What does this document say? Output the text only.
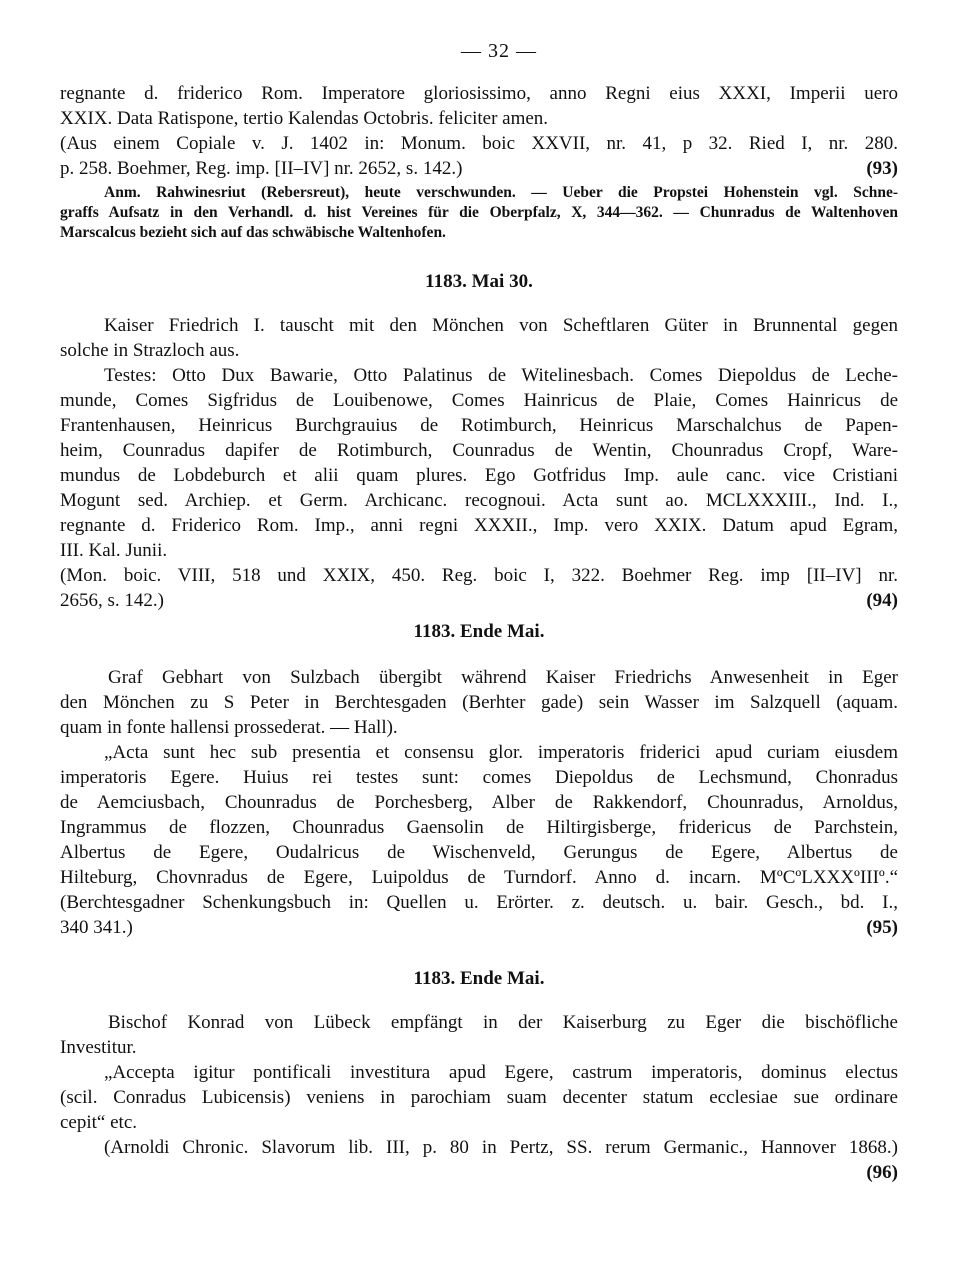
— 32 —
regnante d. friderico Rom. Imperatore gloriosissimo, anno Regni eius XXXI, Imperii uero
XXIX. Data Ratispone, tertio Kalendas Octobris. feliciter amen.
(Aus einem Copiale v. J. 1402 in: Monum. boic XXVII, nr. 41, p 32. Ried I, nr. 280.
p. 258. Boehmer, Reg. imp. [II–IV] nr. 2652, s. 142.)	(93)
Anm. Rahwinesriut (Rebersreut), heute verschwunden. — Ueber die Propstei Hohenstein vgl. Schne-
graffs Aufsatz in den Verhandl. d. hist Vereines für die Oberpfalz, X, 344—362. — Chunradus de Waltenhoven
Marscalcus bezieht sich auf das schwäbische Waltenhofen.
1183. Mai 30.
Kaiser Friedrich I. tauscht mit den Mönchen von Scheftlaren Güter in Brunnental gegen
solche in Strazloch aus.
Testes: Otto Dux Bawarie, Otto Palatinus de Witelinesbach. Comes Diepoldus de Leche-
munde, Comes Sigfridus de Louibenowe, Comes Hainricus de Plaie, Comes Hainricus de
Frantenhausen, Heinricus Burchgrauius de Rotimburch, Heinricus Marschalchus de Papen-
heim, Counradus dapifer de Rotimburch, Counradus de Wentin, Chounradus Cropf, Ware-
mundus de Lobdeburch et alii quam plures. Ego Gotfridus Imp. aule canc. vice Cristiani
Mogunt sed. Archiep. et Germ. Archicanc. recognoui. Acta sunt ao. MCLXXXIII., Ind. I.,
regnante d. Friderico Rom. Imp., anni regni XXXII., Imp. vero XXIX. Datum apud Egram,
III. Kal. Junii.
(Mon. boic. VIII, 518 und XXIX, 450. Reg. boic I, 322. Boehmer Reg. imp [II–IV] nr.
2656, s. 142.)	(94)
1183. Ende Mai.
Graf Gebhart von Sulzbach übergibt während Kaiser Friedrichs Anwesenheit in Eger
den Mönchen zu S Peter in Berchtesgaden (Berhter gade) sein Wasser im Salzquell (aquam.
quam in fonte hallensi prossederat. — Hall).
„Acta sunt hec sub presentia et consensu glor. imperatoris friderici apud curiam eiusdem
imperatoris Egere. Huius rei testes sunt: comes Diepoldus de Lechsmund, Chonradus
de Aemciusbach, Chounradus de Porchesberg, Alber de Rakkendorf, Chounradus, Arnoldus,
Ingrammus de flozzen, Chounradus Gaensolin de Hiltirgisberge, fridericus de Parchstein,
Albertus de Egere, Oudalricus de Wischenveld, Gerungus de Egere, Albertus de
Hilteburg, Chovnradus de Egere, Luipoldus de Turndorf. Anno d. incarn. MºCºLXXXºIIIº.“
(Berchtesgadner Schenkungsbuch in: Quellen u. Erörter. z. deutsch. u. bair. Gesch., bd. I.,
340 341.)	(95)
1183. Ende Mai.
Bischof Konrad von Lübeck empfängt in der Kaiserburg zu Eger die bischöfliche
Investitur.
„Accepta igitur pontificali investitura apud Egere, castrum imperatoris, dominus electus
(scil. Conradus Lubicensis) veniens in parochiam suam decenter statum ecclesiae sue ordinare
cepit“ etc.
(Arnoldi Chronic. Slavorum lib. III, p. 80 in Pertz, SS. rerum Germanic., Hannover 1868.)
(96)
